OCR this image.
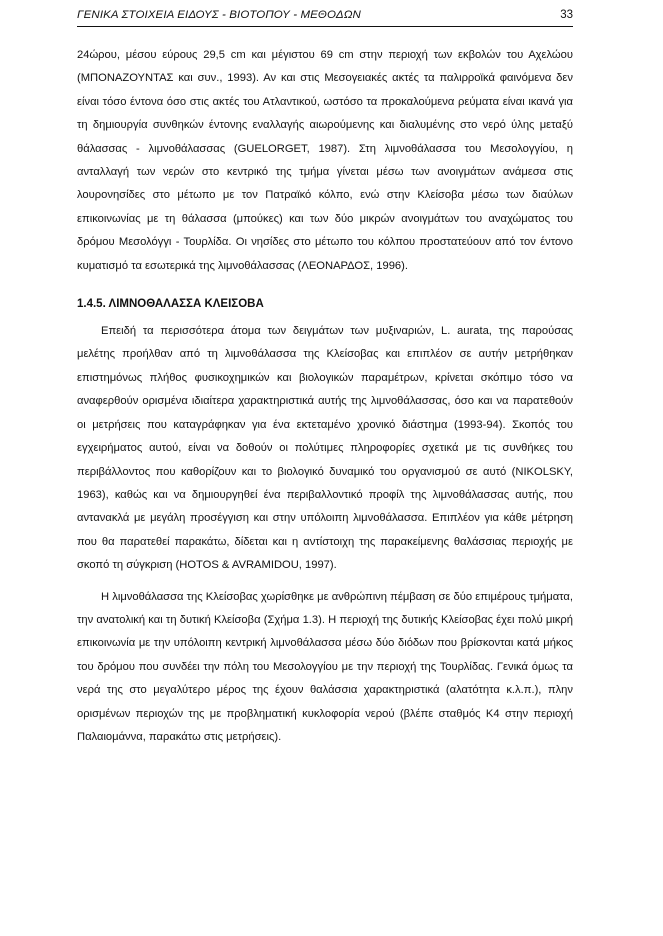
ΓΕΝΙΚΑ ΣΤΟΙΧΕΙΑ ΕΙΔΟΥΣ - ΒΙΟΤΟΠΟΥ - ΜΕΘΟΔΩΝ	33

24ώρου, μέσου εύρους 29,5 cm και μέγιστου 69 cm στην περιοχή των εκβολών του Αχελώου (ΜΠΟΝΑΖΟΥΝΤΑΣ και συν., 1993). Αν και στις Μεσογειακές ακτές τα παλιρροϊκά φαινόμενα δεν είναι τόσο έντονα όσο στις ακτές του Ατλαντικού, ωστόσο τα προκαλούμενα ρεύματα είναι ικανά για τη δημιουργία συνθηκών έντονης εναλλαγής αιωρούμενης και διαλυμένης στο νερό ύλης μεταξύ θάλασσας - λιμνοθάλασσας (GUELORGET, 1987). Στη λιμνοθάλασσα του Μεσολογγίου, η ανταλλαγή των νερών στο κεντρικό της τμήμα γίνεται μέσω των ανοιγμάτων ανάμεσα στις λουρονησίδες στο μέτωπο με τον Πατραϊκό κόλπο, ενώ στην Κλείσοβα μέσω των διαύλων επικοινωνίας με τη θάλασσα (μπούκες) και των δύο μικρών ανοιγμάτων του αναχώματος του δρόμου Μεσολόγγι - Τουρλίδα. Οι νησίδες στο μέτωπο του κόλπου προστατεύουν από τον έντονο κυματισμό τα εσωτερικά της λιμνοθάλασσας (ΛΕΟΝΑΡΔΟΣ, 1996).

1.4.5. ΛΙΜΝΟΘΑΛΑΣΣΑ ΚΛΕΙΣΟΒΑ

Επειδή τα περισσότερα άτομα των δειγμάτων των μυξιναριών, L. aurata, της παρούσας μελέτης προήλθαν από τη λιμνοθάλασσα της Κλείσοβας και επιπλέον σε αυτήν μετρήθηκαν επιστημόνως πλήθος φυσικοχημικών και βιολογικών παραμέτρων, κρίνεται σκόπιμο τόσο να αναφερθούν ορισμένα ιδιαίτερα χαρακτηριστικά αυτής της λιμνοθάλασσας, όσο και να παρατεθούν οι μετρήσεις που καταγράφηκαν για ένα εκτεταμένο χρονικό διάστημα (1993-94). Σκοπός του εγχειρήματος αυτού, είναι να δοθούν οι πολύτιμες πληροφορίες σχετικά με τις συνθήκες του περιβάλλοντος που καθορίζουν και το βιολογικό δυναμικό του οργανισμού σε αυτό (NIKOLSKY, 1963), καθώς και να δημιουργηθεί ένα περιβαλλοντικό προφίλ της λιμνοθάλασσας αυτής, που αντανακλά με μεγάλη προσέγγιση και στην υπόλοιπη λιμνοθάλασσα. Επιπλέον για κάθε μέτρηση που θα παρατεθεί παρακάτω, δίδεται και η αντίστοιχη της παρακείμενης θαλάσσιας περιοχής με σκοπό τη σύγκριση (HOTOS & AVRAMIDOU, 1997).

Η λιμνοθάλασσα της Κλείσοβας χωρίσθηκε με ανθρώπινη πέμβαση σε δύο επιμέρους τμήματα, την ανατολική και τη δυτική Κλείσοβα (Σχήμα 1.3). Η περιοχή της δυτικής Κλείσοβας έχει πολύ μικρή επικοινωνία με την υπόλοιπη κεντρική λιμνοθάλασσα μέσω δύο διόδων που βρίσκονται κατά μήκος του δρόμου που συνδέει την πόλη του Μεσολογγίου με την περιοχή της Τουρλίδας. Γενικά όμως τα νερά της στο μεγαλύτερο μέρος της έχουν θαλάσσια χαρακτηριστικά (αλατότητα κ.λ.π.), πλην ορισμένων περιοχών της με προβληματική κυκλοφορία νερού (βλέπε σταθμός Κ4 στην περιοχή Παλαιομάννα, παρακάτω στις μετρήσεις).
